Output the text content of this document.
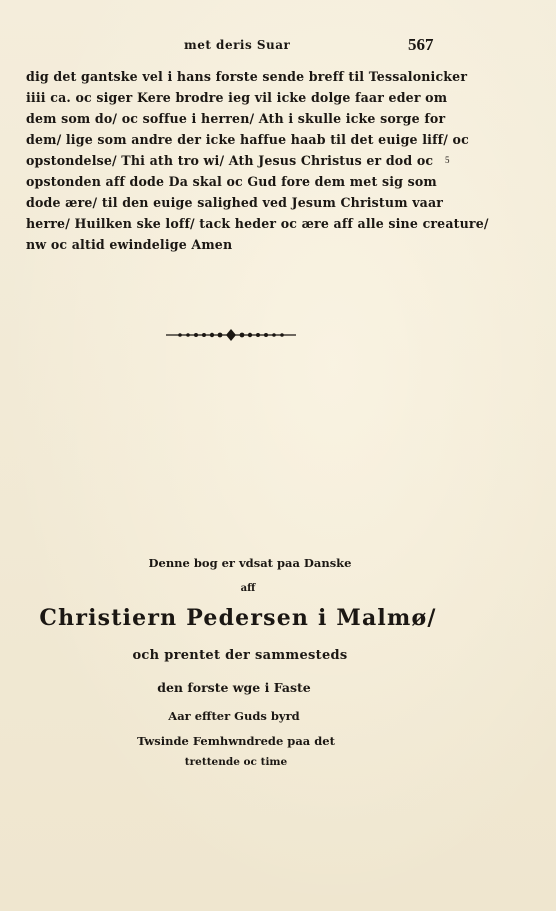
met deris Suar	567
dig det gantske vel i hans forste sende breff til Tessalonicker
iiii ca. oc siger Kere brodre ieg vil icke dolge faar eder om
dem som do/ oc soffue i herren/ Ath i skulle icke sorge for
dem/ lige som andre der icke haffue haab til det euige liff/ oc
opstondelse/ Thi ath tro wi/ Ath Jesus Christus er dod oc
opstonden aff dode Da skal oc Gud fore dem met sig som
dode ære/ til den euige salighed ved Jesum Christum vaar
herre/ Huilken ske loff/ tack heder oc ære aff alle sine creature/
nw oc altid ewindelige Amen
5
Denne bog er vdsat paa Danske
aff
Christiern Pedersen i Malmø/
och prentet der sammesteds
den forste wge i Faste
Aar effter Guds byrd
Twsinde Femhwndrede paa det
trettende oc time
